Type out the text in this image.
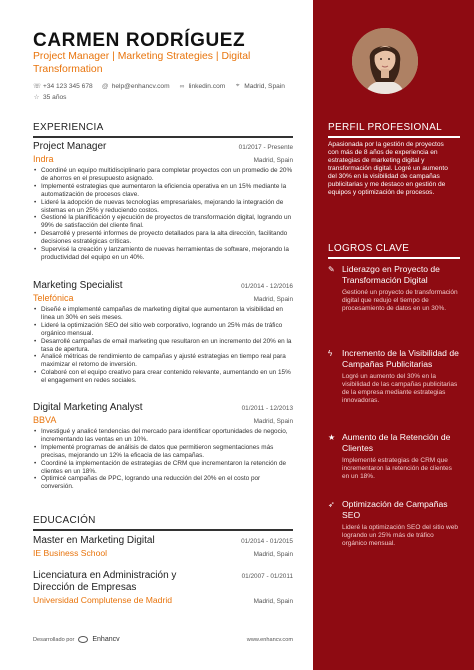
CARMEN RODRÍGUEZ
Project Manager | Marketing Strategies | Digital Transformation
☏ +34 123 345 678 @ help@enhancv.com ∞ linkedin.com ⌖ Madrid, Spain
☆ 35 años
EXPERIENCIA
Project Manager	01/2017 - Presente
Indra	Madrid, Spain
• Coordiné un equipo multidisciplinario para completar proyectos con un promedio de 20% de ahorros en el presupuesto asignado.
• Implementé estrategias que aumentaron la eficiencia operativa en un 15% mediante la automatización de procesos clave.
• Lideré la adopción de nuevas tecnologías empresariales, mejorando la integración de sistemas en un 25% y reduciendo costos.
• Gestioné la planificación y ejecución de proyectos de transformación digital, logrando un 99% de satisfacción del cliente final.
• Desarrollé y presenté informes de proyecto detallados para la alta dirección, facilitando decisiones estratégicas críticas.
• Supervisé la creación y lanzamiento de nuevas herramientas de software, mejorando la productividad del equipo en un 40%.
Marketing Specialist	01/2014 - 12/2016
Telefónica	Madrid, Spain
• Diseñé e implementé campañas de marketing digital que aumentaron la visibilidad en línea un 30% en seis meses.
• Lideré la optimización SEO del sitio web corporativo, logrando un 25% más de tráfico orgánico mensual.
• Desarrollé campañas de email marketing que resultaron en un incremento del 20% en la tasa de apertura.
• Analicé métricas de rendimiento de campañas y ajusté estrategias en tiempo real para maximizar el retorno de inversión.
• Colaboré con el equipo creativo para crear contenido relevante, aumentando en un 15% el engagement en redes sociales.
Digital Marketing Analyst	01/2011 - 12/2013
BBVA	Madrid, Spain
• Investigué y analicé tendencias del mercado para identificar oportunidades de negocio, incrementando las ventas en un 10%.
• Implementé programas de análisis de datos que permitieron segmentaciones más precisas, mejorando un 12% la eficacia de las campañas.
• Coordiné la implementación de estrategias de CRM que incrementaron la retención de clientes en un 18%.
• Optimicé campañas de PPC, logrando una reducción del 20% en el costo por conversión.
EDUCACIÓN
Master en Marketing Digital	01/2014 - 01/2015
IE Business School	Madrid, Spain
Licenciatura en Administración y Dirección de Empresas
01/2007 - 01/2011
Universidad Complutense de Madrid	Madrid, Spain
Desarrollado por	Enhancv	www.enhancv.com
PERFIL PROFESIONAL
Apasionada por la gestión de proyectos con más de 8 años de experiencia en estrategias de marketing digital y transformación digital. Logré un aumento del 30% en la visibilidad de campañas publicitarias y me destaco en gestión de equipos y optimización de procesos.
LOGROS CLAVE
✎ Liderazgo en Proyecto de Transformación Digital
Gestioné un proyecto de transformación digital que redujo el tiempo de procesamiento de datos en un 30%.
ϟ	Incremento de la Visibilidad de Campañas Publicitarias
Logré un aumento del 30% en la visibilidad de las campañas publicitarias de la empresa mediante estrategias innovadoras.
★ Aumento de la Retención de Clientes
Implementé estrategias de CRM que incrementaron la retención de clientes en un 18%.
➶ Optimización de Campañas SEO
Lideré la optimización SEO del sitio web logrando un 25% más de tráfico orgánico mensual.
